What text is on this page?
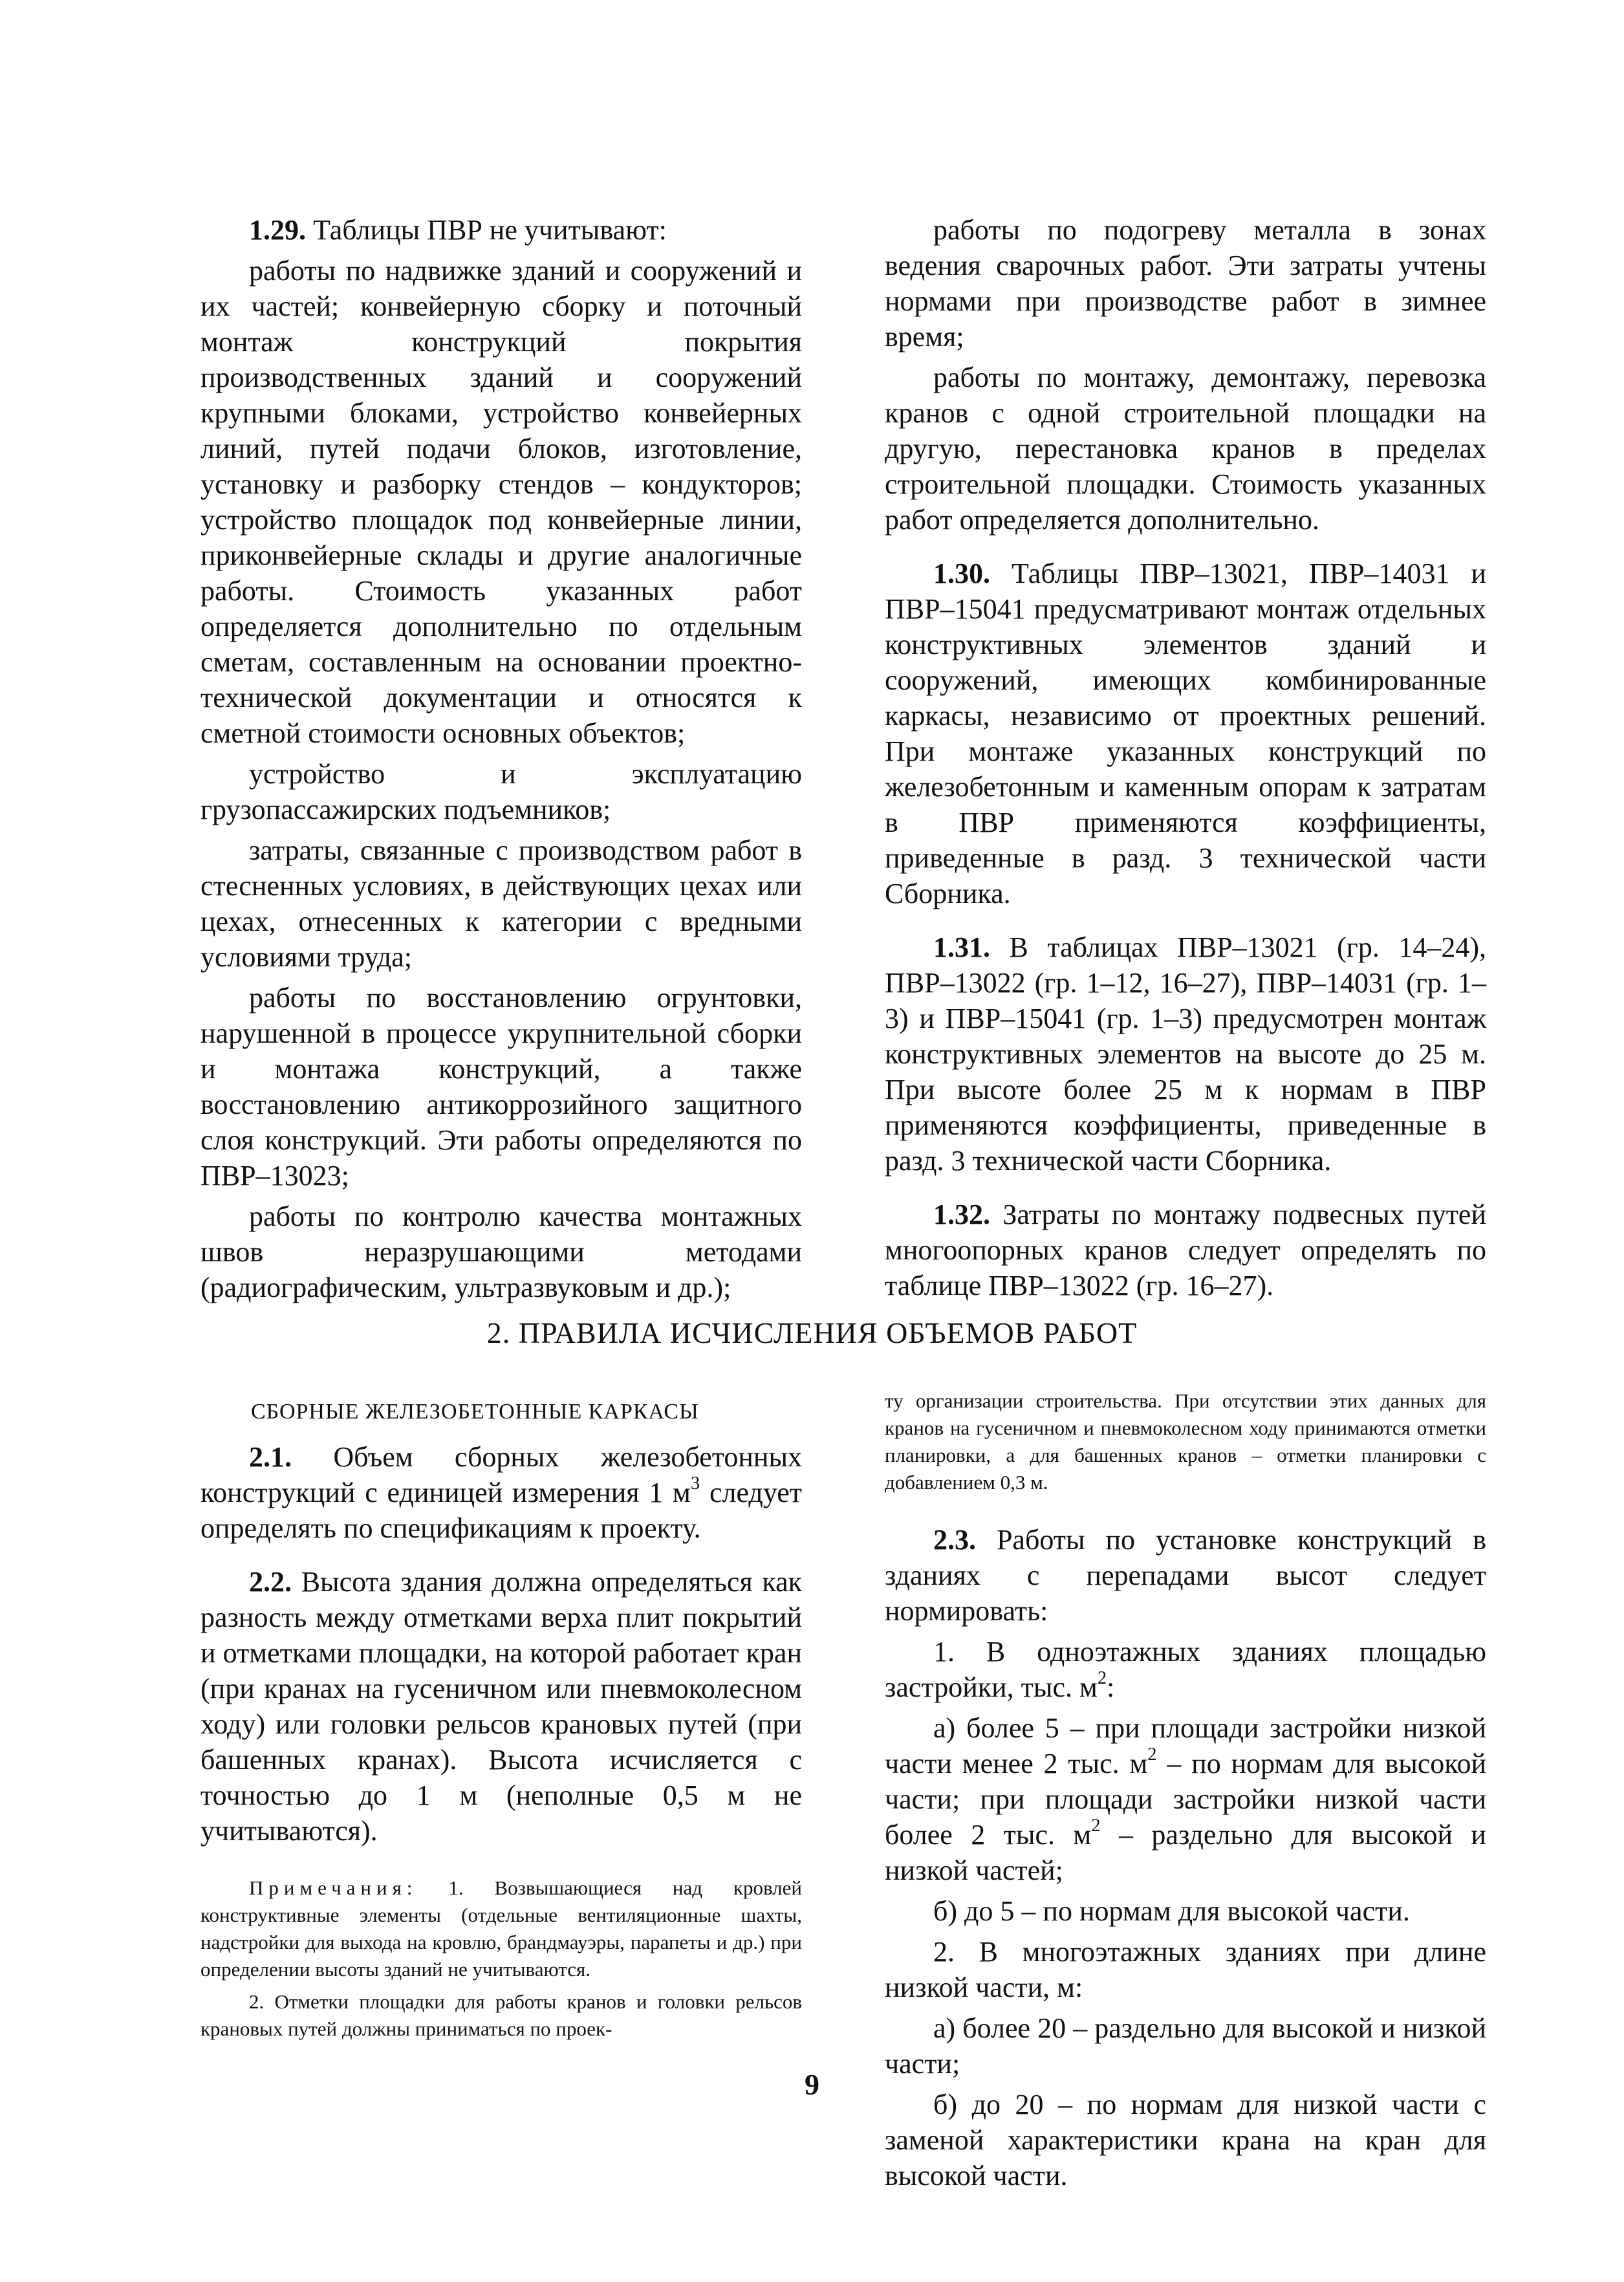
1.29. Таблицы ПВР не учитывают:

работы по надвижке зданий и сооружений и их частей; конвейерную сборку и поточный монтаж конструкций покрытия производственных зданий и сооружений крупными блоками, устройство конвейерных линий, путей подачи блоков, изготовление, установку и разборку стендов – кондукторов; устройство площадок под конвейерные линии, приконвейерные склады и другие аналогичные работы. Стоимость указанных работ определяется дополнительно по отдельным сметам, составленным на основании проектно-технической документации и относятся к сметной стоимости основных объектов;

устройство и эксплуатацию грузопассажирских подъемников;

затраты, связанные с производством работ в стесненных условиях, в действующих цехах или цехах, отнесенных к категории с вредными условиями труда;

работы по восстановлению огрунтовки, нарушенной в процессе укрупнительной сборки и монтажа конструкций, а также восстановлению антикоррозийного защитного слоя конструкций. Эти работы определяются по ПВР–13023;

работы по контролю качества монтажных швов неразрушающими методами (радиографическим, ультразвуковым и др.);

работы по подогреву металла в зонах ведения сварочных работ. Эти затраты учтены нормами при производстве работ в зимнее время;

работы по монтажу, демонтажу, перевозка кранов с одной строительной площадки на другую, перестановка кранов в пределах строительной площадки. Стоимость указанных работ определяется дополнительно.

1.30. Таблицы ПВР–13021, ПВР–14031 и ПВР–15041 предусматривают монтаж отдельных конструктивных элементов зданий и сооружений, имеющих комбинированные каркасы, независимо от проектных решений. При монтаже указанных конструкций по железобетонным и каменным опорам к затратам в ПВР применяются коэффициенты, приведенные в разд. 3 технической части Сборника.

1.31. В таблицах ПВР–13021 (гр. 14–24), ПВР–13022 (гр. 1–12, 16–27), ПВР–14031 (гр. 1–3) и ПВР–15041 (гр. 1–3) предусмотрен монтаж конструктивных элементов на высоте до 25 м. При высоте более 25 м к нормам в ПВР применяются коэффициенты, приведенные в разд. 3 технической части Сборника.

1.32. Затраты по монтажу подвесных путей многоопорных кранов следует определять по таблице ПВР–13022 (гр. 16–27).

2. ПРАВИЛА ИСЧИСЛЕНИЯ ОБЪЕМОВ РАБОТ
СБОРНЫЕ ЖЕЛЕЗОБЕТОННЫЕ КАРКАСЫ

2.1. Объем сборных железобетонных конструкций с единицей измерения 1 $м^3$ следует определять по спецификациям к проекту.

2.2. Высота здания должна определяться как разность между отметками верха плит покрытий и отметками площадки, на которой работает кран (при кранах на гусеничном или пневмоколесном ходу) или головки рельсов крановых путей (при башенных кранах). Высота исчисляется с точностью до 1 м (неполные 0,5 м не учитываются).

Примечания: 1. Возвышающиеся над кровлей конструктивные элементы (отдельные вентиляционные шахты, надстройки для выхода на кровлю, брандмауэры, парапеты и др.) при определении высоты зданий не учитываются.

2. Отметки площадки для работы кранов и головки рельсов крановых путей должны приниматься по проек-

ту организации строительства. При отсутствии этих данных для кранов на гусеничном и пневмоколесном ходу принимаются отметки планировки, а для башенных кранов – отметки планировки с добавлением 0,3 м.

2.3. Работы по установке конструкций в зданиях с перепадами высот следует нормировать:

1. В одноэтажных зданиях площадью застройки, тыс. $м^2$:

а) более 5 – при площади застройки низкой части менее 2 тыс. $м^2$ – по нормам для высокой части; при площади застройки низкой части более 2 тыс. $м^2$ – раздельно для высокой и низкой частей;

б) до 5 – по нормам для высокой части.

2. В многоэтажных зданиях при длине низкой части, м:

а) более 20 – раздельно для высокой и низкой части;

б) до 20 – по нормам для низкой части с заменой характеристики крана на кран для высокой части.

9
